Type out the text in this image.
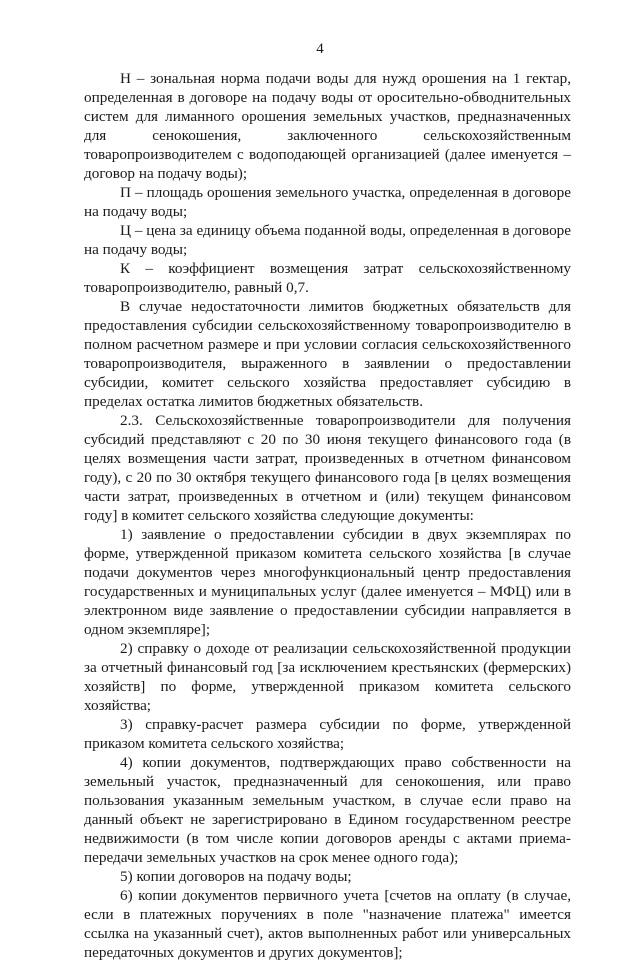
4

Н – зональная норма подачи воды для нужд орошения на 1 гектар, определенная в договоре на подачу воды от оросительно-обводнительных систем для лиманного орошения земельных участков, предназначенных для сенокошения, заключенного сельскохозяйственным товаропроизводителем с водоподающей организацией (далее именуется – договор на подачу воды);

П – площадь орошения земельного участка, определенная в договоре на подачу воды;

Ц – цена за единицу объема поданной воды, определенная в договоре на подачу воды;

К – коэффициент возмещения затрат сельскохозяйственному товаропроизводителю, равный 0,7.

В случае недостаточности лимитов бюджетных обязательств для предоставления субсидии сельскохозяйственному товаропроизводителю в полном расчетном размере и при условии согласия сельскохозяйственного товаропроизводителя, выраженного в заявлении о предоставлении субсидии, комитет сельского хозяйства предоставляет субсидию в пределах остатка лимитов бюджетных обязательств.

2.3. Сельскохозяйственные товаропроизводители для получения субсидий представляют с 20 по 30 июня текущего финансового года (в целях возмещения части затрат, произведенных в отчетном финансовом году), с 20 по 30 октября текущего финансового года [в целях возмещения части затрат, произведенных в отчетном и (или) текущем финансовом году] в комитет сельского хозяйства следующие документы:

1) заявление о предоставлении субсидии в двух экземплярах по форме, утвержденной приказом комитета сельского хозяйства [в случае подачи документов через многофункциональный центр предоставления государственных и муниципальных услуг (далее именуется – МФЦ) или в электронном виде заявление о предоставлении субсидии направляется в одном экземпляре];

2) справку о доходе от реализации сельскохозяйственной продукции за отчетный финансовый год [за исключением крестьянских (фермерских) хозяйств] по форме, утвержденной приказом комитета сельского хозяйства;

3) справку-расчет размера субсидии по форме, утвержденной приказом комитета сельского хозяйства;

4) копии документов, подтверждающих право собственности на земельный участок, предназначенный для сенокошения, или право пользования указанным земельным участком, в случае если право на данный объект не зарегистрировано в Едином государственном реестре недвижимости (в том числе копии договоров аренды с актами приема-передачи земельных участков на срок менее одного года);

5) копии договоров на подачу воды;

6) копии документов первичного учета [счетов на оплату (в случае, если в платежных поручениях в поле "назначение платежа" имеется ссылка на указанный счет), актов выполненных работ или универсальных передаточных документов и других документов];
